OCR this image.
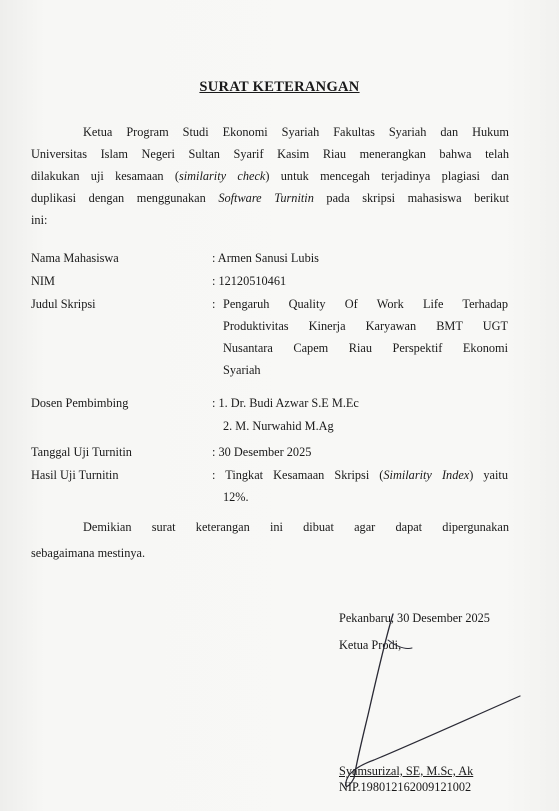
SURAT KETERANGAN
Ketua Program Studi Ekonomi Syariah Fakultas Syariah dan Hukum
Universitas Islam Negeri Sultan Syarif Kasim Riau menerangkan bahwa telah
dilakukan uji kesamaan (similarity check) untuk mencegah terjadinya plagiasi dan
duplikasi dengan menggunakan Software Turnitin pada skripsi mahasiswa berikut
ini:
Nama Mahasiswa	: Armen Sanusi Lubis
NIM	: 12120510461
Judul Skripsi	: Pengaruh Quality Of Work Life Terhadap
Produktivitas Kinerja Karyawan BMT UGT
Nusantara Capem Riau Perspektif Ekonomi
Syariah
Dosen Pembimbing	: 1. Dr. Budi Azwar S.E M.Ec
2. M. Nurwahid M.Ag
Tanggal Uji Turnitin	: 30 Desember 2025
Hasil Uji Turnitin	: Tingkat Kesamaan Skripsi (Similarity Index) yaitu
12%.
Demikian surat keterangan ini dibuat agar dapat dipergunakan
sebagaimana mestinya.
Pekanbaru, 30 Desember 2025
Ketua Prodi,
Syamsurizal, SE, M.Sc, Ak
NIP.198012162009121002
